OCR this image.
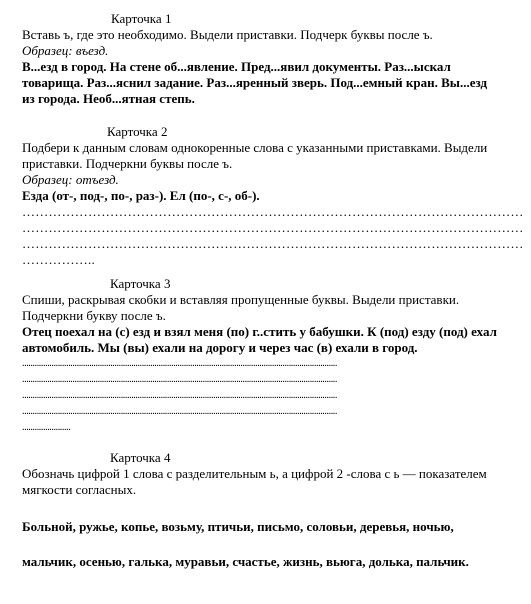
Карточка 1
Вставь ъ, где это необходимо. Выдели приставки. Подчерк буквы после ъ.
Образец: въезд.
В...езд в город. На стене об...явление. Пред...явил документы. Раз...ыскал
товарища. Раз...яснил задание. Раз...яренный зверь. Под...емный кран. Вы...езд
из города. Необ...ятная степь.
Карточка 2
Подбери к данным словам однокоренные слова с указанными приставками. Выдели
приставки. Подчеркни буквы после ъ.
Образец: отъезд.
Езда (от-, под-, по-, раз-). Ел (по-, с-, об-).
……………………………………………………………………………………………………
……………………………………………………………………………………………………
……………………………………………………………………………………………………
……………..
Карточка 3
Спиши, раскрывая скобки и вставляя пропущенные буквы. Выдели приставки.
Подчеркни букву после ъ.
Отец поехал на (с) езд и взял меня (по) г..стить у бабушки. К (под) езду (под) ехал
автомобиль. Мы (вы) ехали на дорогу и через час (в) ехали в город.
......................................................................................................................................................
......................................................................................................................................................
......................................................................................................................................................
......................................................................................................................................................
.......................
Карточка 4
Обозначь цифрой 1 слова с разделительным ь, а цифрой 2 -слова с ь — показателем
мягкости согласных.
Больной, ружье, копье, возьму, птичьи, письмо, соловьи, деревья, ночью,
мальчик, осенью, галька, муравьи, счастье, жизнь, вьюга, долька, пальчик.
